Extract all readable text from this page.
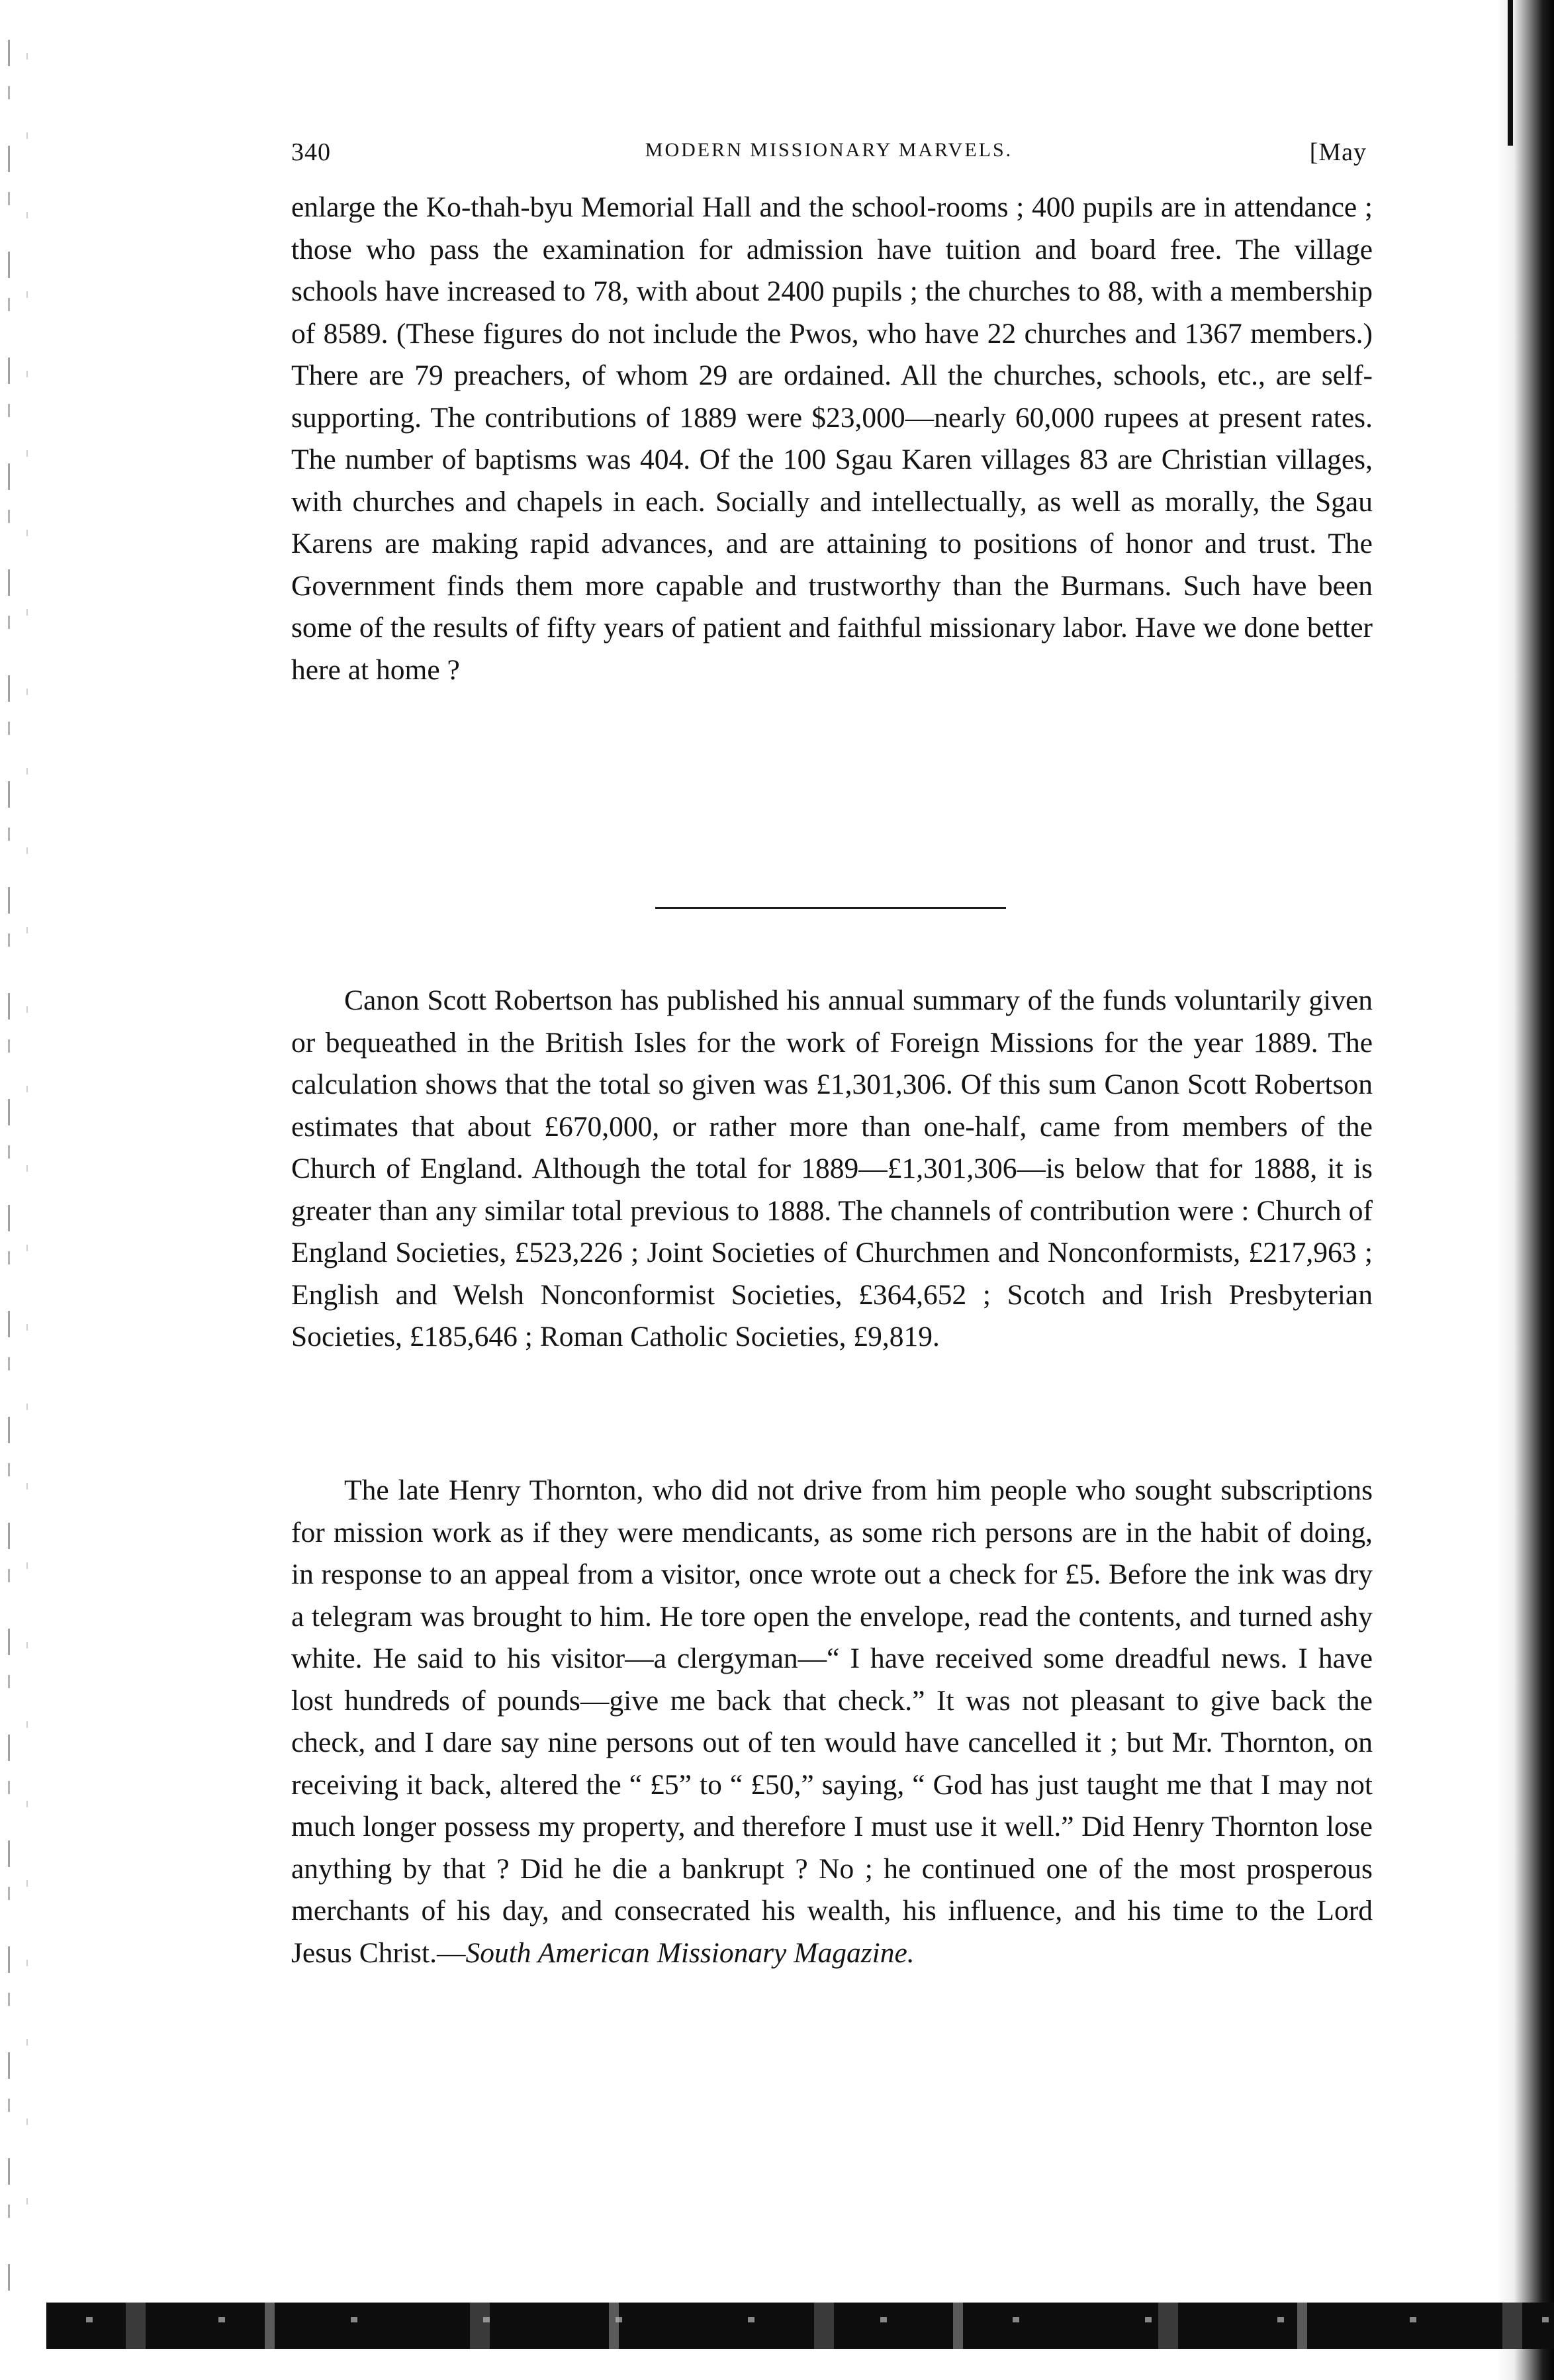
340	MODERN MISSIONARY MARVELS.	[May

enlarge the Ko-thah-byu Memorial Hall and the school-rooms ; 400 pupils are in attendance ; those who pass the examination for admission have tuition and board free. The village schools have increased to 78, with about 2400 pupils ; the churches to 88, with a membership of 8589. (These figures do not include the Pwos, who have 22 churches and 1367 members.) There are 79 preachers, of whom 29 are ordained. All the churches, schools, etc., are self-supporting. The contributions of 1889 were $23,000—nearly 60,000 rupees at present rates. The number of baptisms was 404. Of the 100 Sgau Karen villages 83 are Christian villages, with churches and chapels in each. Socially and intellectually, as well as morally, the Sgau Karens are making rapid advances, and are attaining to positions of honor and trust. The Government finds them more capable and trustworthy than the Burmans. Such have been some of the results of fifty years of patient and faithful missionary labor. Have we done better here at home ?

Canon Scott Robertson has published his annual summary of the funds voluntarily given or bequeathed in the British Isles for the work of Foreign Missions for the year 1889. The calculation shows that the total so given was £1,301,306. Of this sum Canon Scott Robertson estimates that about £670,000, or rather more than one-half, came from members of the Church of England. Although the total for 1889—£1,301,306—is below that for 1888, it is greater than any similar total previous to 1888. The channels of contribution were : Church of England Societies, £523,226 ; Joint Societies of Churchmen and Nonconformists, £217,963 ; English and Welsh Nonconformist Societies, £364,652 ; Scotch and Irish Presbyterian Societies, £185,646 ; Roman Catholic Societies, £9,819.

The late Henry Thornton, who did not drive from him people who sought subscriptions for mission work as if they were mendicants, as some rich persons are in the habit of doing, in response to an appeal from a visitor, once wrote out a check for £5. Before the ink was dry a telegram was brought to him. He tore open the envelope, read the contents, and turned ashy white. He said to his visitor—a clergyman—“ I have received some dreadful news. I have lost hundreds of pounds—give me back that check.” It was not pleasant to give back the check, and I dare say nine persons out of ten would have cancelled it ; but Mr. Thornton, on receiving it back, altered the “ £5” to “ £50,” saying, “ God has just taught me that I may not much longer possess my property, and therefore I must use it well.” Did Henry Thornton lose anything by that ? Did he die a bankrupt ? No ; he continued one of the most prosperous merchants of his day, and consecrated his wealth, his influence, and his time to the Lord Jesus Christ.—South American Missionary Magazine.
